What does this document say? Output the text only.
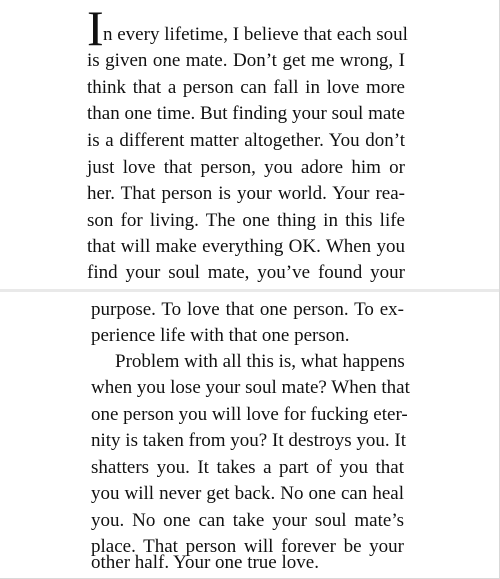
I n every lifetime, I believe that each soul
is given one mate. Don’t get me wrong, I
think that a person can fall in love more
than one time. But finding your soul mate
is a different matter altogether. You don’t
just love that person, you adore him or
her. That person is your world. Your rea-
son for living. The one thing in this life
that will make everything OK. When you
find your soul mate, you’ve found your
purpose. To love that one person. To ex-
perience life with that one person.
Problem with all this is, what happens
when you lose your soul mate? When that
one person you will love for fucking eter-
nity is taken from you? It destroys you. It
shatters you. It takes a part of you that
you will never get back. No one can heal
you. No one can take your soul mate’s
place. That person will forever be your
other half. Your one true love.
